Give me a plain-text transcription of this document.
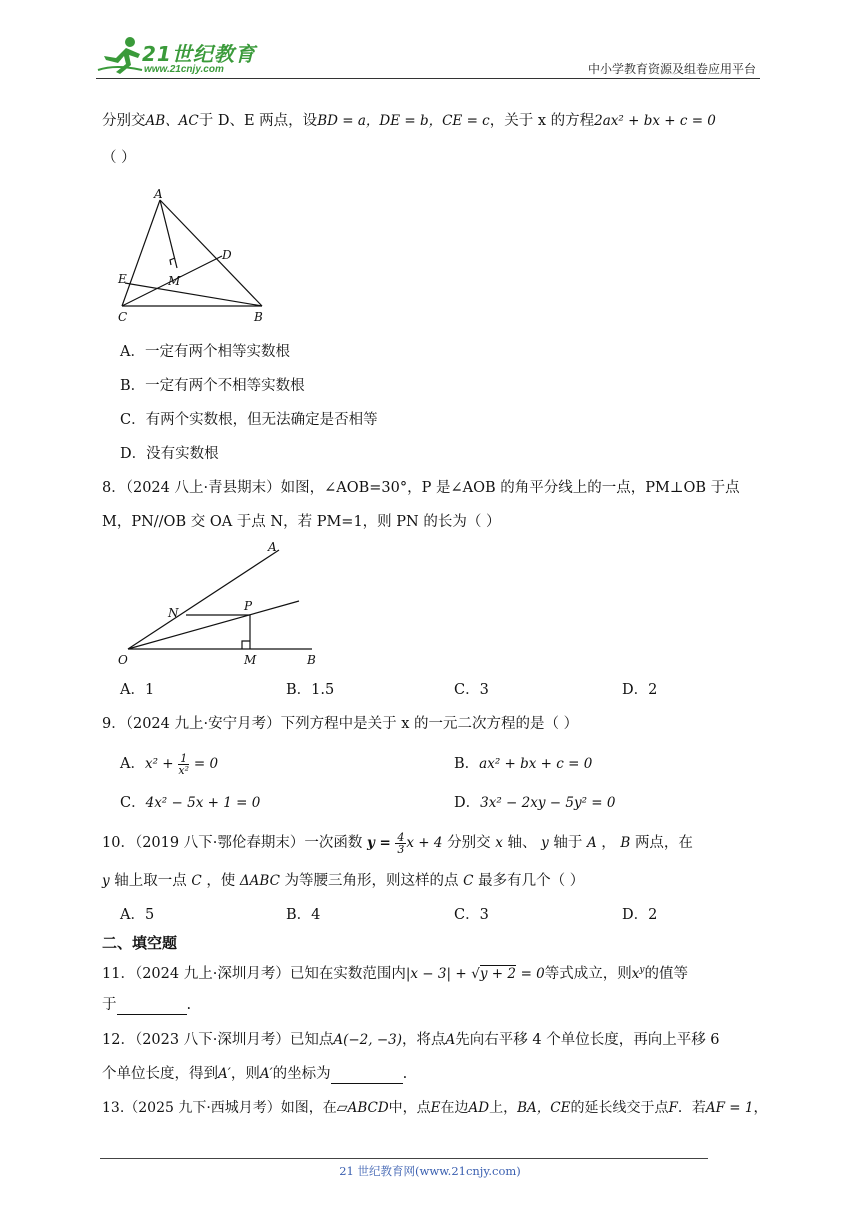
21世纪教育
www.21cnjy.com	中小学教育资源及组卷应用平台
分别交AB、AC于 D、E 两点，设BD = a，DE = b，CE = c，关于 x 的方程2ax² + bx + c = 0
（ ）
A
D
E	M
C	B
A．一定有两个相等实数根
B．一定有两个不相等实数根
C．有两个实数根，但无法确定是否相等
D．没有实数根
8．（2024 八上·青县期末）如图，∠AOB=30°，P 是∠AOB 的角平分线上的一点，PM⊥OB 于点
M，PN//OB 交 OA 于点 N，若 PM=1，则 PN 的长为（ ）
A
N	P
O	M	B
A．1	B．1.5	C．3	D．2
9．（2024 九上·安宁月考）下列方程中是关于 x 的一元二次方程的是（ ）
A．$x^2 + \frac{1}{\text{x²}} = 0$	B．ax² + bx + c = 0
C．4x² − 5x + 1 = 0	D．3x² − 2xy − 5y² = 0
10．（2019 八下·鄂伦春期末）一次函数 $y = \frac{4}{3}$ x + 4 分别交 x 轴、 y 轴于 A ， B 两点，在
y 轴上取一点 C ，使 ΔABC 为等腰三角形，则这样的点 C 最多有几个（ ）
A．5	B．4	C．3	D．2
二、填空题
11．（2024 九上·深圳月考）已知在实数范围内|x − 3| + √y + 2 = 0等式成立，则$x^y$的值等
于	.
12．（2023 八下·深圳月考）已知点A(−2, −3)，将点A先向右平移 4 个单位长度，再向上平移 6
个单位长度，得到A′，则A′的坐标为	.
13.（2025 九下·西城月考）如图，在▱ABCD中，点E在边AD上，BA，CE的延长线交于点F．若AF = 1，
21 世纪教育网(www.21cnjy.com)
